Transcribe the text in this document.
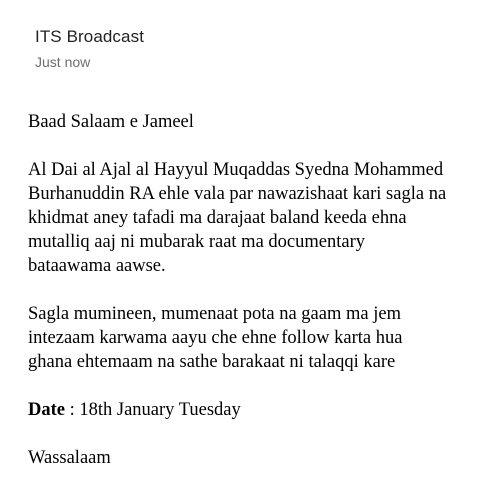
ITS Broadcast
Just now

Baad Salaam e Jameel

Al Dai al Ajal al Hayyul Muqaddas Syedna Mohammed
Burhanuddin RA ehle vala par nawazishaat kari sagla na
khidmat aney tafadi ma darajaat baland keeda ehna
mutalliq aaj ni mubarak raat ma documentary
bataawama aawse.

Sagla mumineen, mumenaat pota na gaam ma jem
intezaam karwama aayu che ehne follow karta hua
ghana ehtemaam na sathe barakaat ni talaqqi kare

Date : 18th January Tuesday

Wassalaam
